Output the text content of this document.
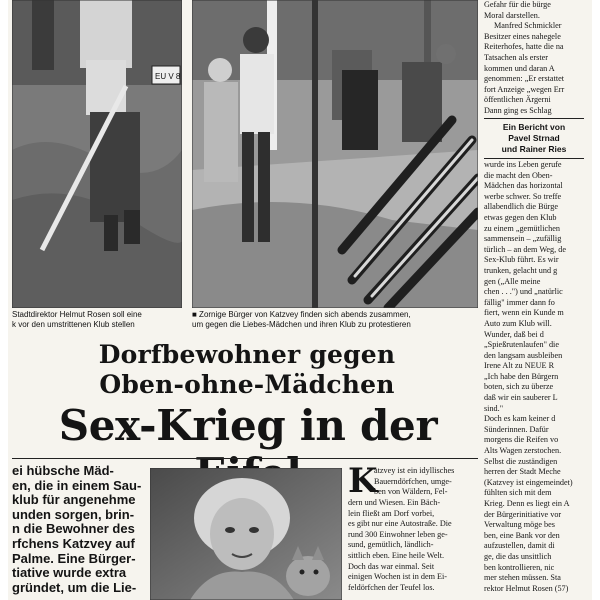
EU V 8

Gefahr für die bürge

Moral darstellen.

Manfred Schmickler

Besitzer eines nahegele

Reiterhofes, hatte die na

Tatsachen als erster

kommen und daran A

genommen: „Er erstattet

fort Anzeige „wegen Err

öffentlichen Ärgerni

Dann ging es Schlag

Ein Bericht von
Pavel Strnad
und Rainer Ries

wurde ins Leben gerufe

die macht den Oben-

Mädchen das horizontal

werbe schwer. So treffe

allabendlich die Bürge

etwas gegen den Klub

zu einem „gemütlichen

sammensein – „zufällig

türlich – an dem Weg, de

Sex-Klub führt. Es wir

trunken, gelacht und g

gen („Alle meine

chen . . .") und „natürlic

fällig" immer dann fo

fiert, wenn ein Kunde m

Auto zum Klub will.

Wunder, daß bei d

„Spießrutenlaufen" die

den langsam ausbleiben

Irene Alt zu NEUE R

„Ich habe den Bürgern

boten, sich zu überze

daß wir ein sauberer L

sind."

Doch es kam keiner d

Sünderinnen. Dafür

morgens die Reifen vo

Alts Wagen zerstochen.

Selbst die zuständigen

herren der Stadt Meche

(Katzvey ist eingemeindet)

fühlten sich mit dem

Krieg. Denn es liegt ein A

der Bürgerinitiative vor

Verwaltung möge bes

ben, eine Bank vor den

aufzustellen, damit di

ge, die das unsittlich

ben kontrollieren, nic

mer stehen müssen. Sta

rektor Helmut Rosen (57)

Stadtdirektor Helmut Rosen soll eine
k vor den umstrittenen Klub stellen
■ Zornige Bürger von Katzvey finden sich abends zusammen,
um gegen die Liebes-Mädchen und ihren Klub zu protestieren
Dorfbewohner gegen
Oben-ohne-Mädchen
Sex-Krieg in der

ei hübsche Mäd-

en, die in einem Sau-

klub für angenehme

unden sorgen, brin-

n die Bewohner des

rfchens Katzvey auf

Palme. Eine Bürger-

tiative wurde extra

gründet, um die Lie-

K

atzvey ist ein idyllisches

Bauerndörfchen, umge-

ben von Wäldern, Fel-

dern und Wiesen. Ein Bäch-

lein fließt am Dorf vorbei,

es gibt nur eine Autostraße. Die

rund 300 Einwohner leben ge-

sund, gemütlich, ländlich-

sittlich eben. Eine heile Welt.

Doch das war einmal. Seit

einigen Wochen ist in dem Ei-

feldörfchen der Teufel los.
